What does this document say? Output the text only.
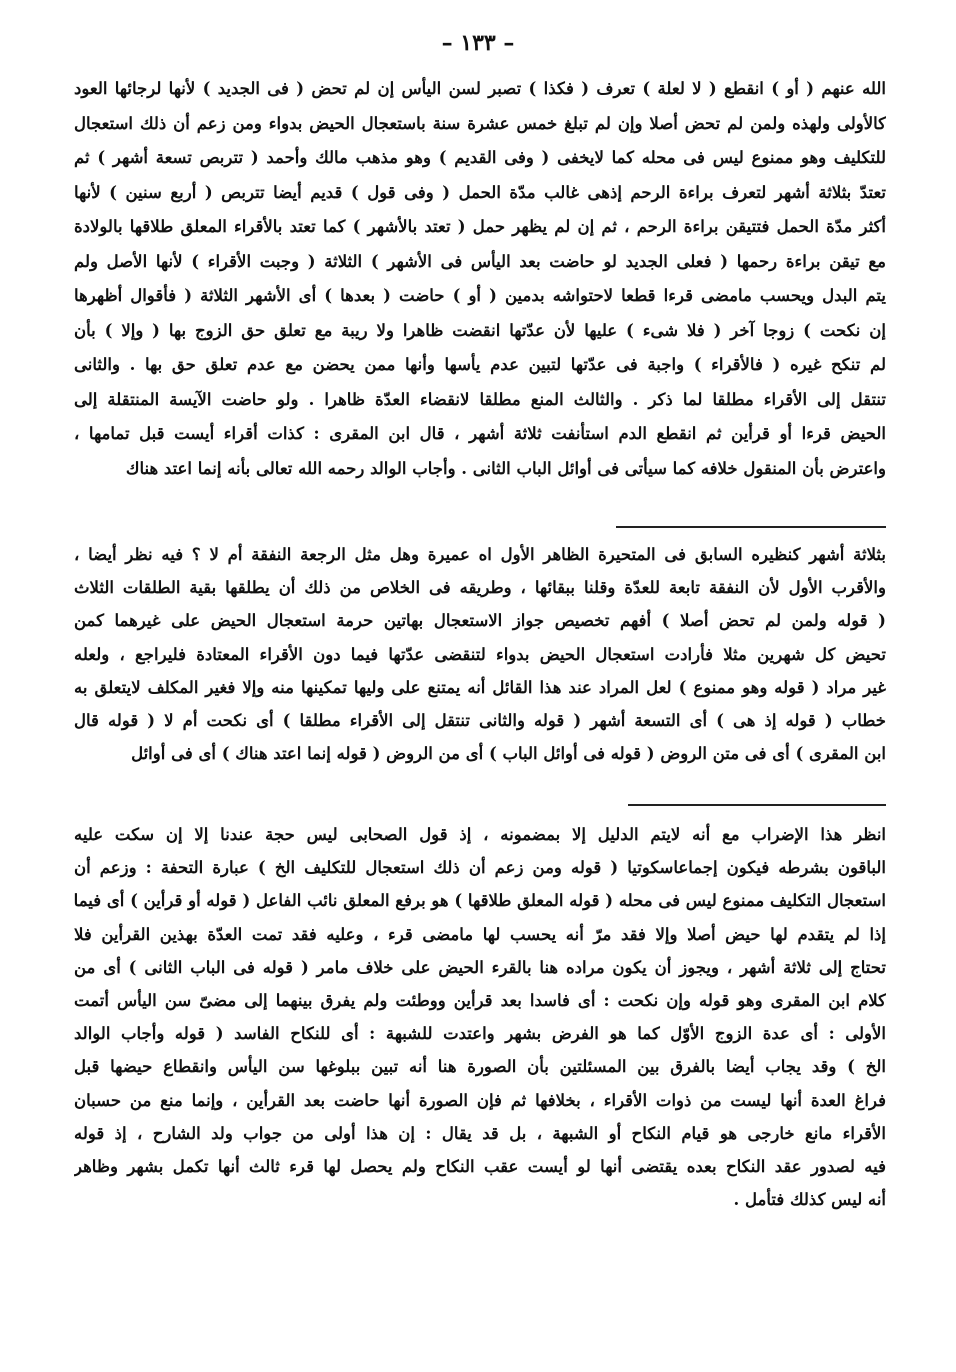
– ١٣٣ –
الله عنهم ( أو ) انقطع ( لا لعلة ) تعرف ( فكذا ) تصبر لسن اليأس إن لم تحض ( فى الجديد ) لأنها لرجائها العود
كالأولى ولهذه ولمن لم تحض أصلا وإن لم تبلغ خمس عشرة سنة باستعجال الحيض بدواء ومن زعم أن ذلك استعجال
للتكليف وهو ممنوع ليس فى محله كما لايخفى ( وفى القديم ) وهو مذهب مالك وأحمد ( تتربص تسعة أشهر ) ثم
تعتدّ بثلاثة أشهر لتعرف براءة الرحم إذهى غالب مدّة الحمل ( وفى قول ) قديم أيضا تتربص ( أربع سنين ) لأنها
أكثر مدّة الحمل فتتيقن براءة الرحم ، ثم إن لم يظهر حمل ( تعتد بالأشهر ) كما تعتد بالأقراء المعلق طلاقها بالولادة
مع تيقن براءة رحمها ( فعلى الجديد لو حاضت بعد اليأس فى الأشهر ) الثلاثة ( وجبت الأقراء ) لأنها الأصل ولم
يتم البدل ويحسب مامضى قرءا قطعا لاحتواشه بدمين ( أو ) حاضت ( بعدها ) أى الأشهر الثلاثة ( فأقوال أظهرها
إن نكحت ) زوجا آخر ( فلا شىء ) عليها لأن عدّتها انقضت ظاهرا ولا ريبة مع تعلق حق الزوج بها ( وإلا ) بأن
لم تنكح غيره ( فالأقراء ) واجبة فى عدّتها لتبين عدم يأسها وأنها ممن يحضن مع عدم تعلق حق بها . والثانى
تنتقل إلى الأقراء مطلقا لما ذكر . والثالث المنع مطلقا لانقضاء العدّة ظاهرا . ولو حاضت الآيسة المنتقلة إلى
الحيض قرءا أو قرأين ثم انقطع الدم استأنفت ثلاثة أشهر ، قال ابن المقرى : كذات أقراء أيست قبل تمامها ،
واعترض بأن المنقول خلافه كما سيأتى فى أوائل الباب الثانى . وأجاب الوالد رحمه الله تعالى بأنه إنما اعتد هناك
بثلاثة أشهر كنظيره السابق فى المتحيرة الظاهر الأول اه عميرة وهل مثل الرجعة النفقة أم لا ؟ فيه نظر أيضا ،
والأقرب الأول لأن النفقة تابعة للعدّة وقلنا ببقائها ، وطريقه فى الخلاص من ذلك أن يطلقها بقية الطلقات الثلاث
( قوله ولمن لم تحض أصلا ) أفهم تخصيص جواز الاستعجال بهاتين حرمة استعجال الحيض على غيرهما كمن
تحيض كل شهرين مثلا فأرادت استعجال الحيض بدواء لتنقضى عدّتها فيما دون الأقراء المعتادة فليراجع ، ولعله
غير مراد ( قوله وهو ممنوع ) لعل المراد عند هذا القائل أنه يمتنع على وليها تمكينها منه وإلا فغير المكلف لايتعلق به
خطاب ( قوله إذ هى ) أى التسعة أشهر ( قوله والثانى تنتقل إلى الأقراء مطلقا ) أى نكحت أم لا ( قوله قال
ابن المقرى ) أى فى متن الروض ( قوله فى أوائل الباب ) أى من الروض ( قوله إنما اعتد هناك ) أى فى أوائل
انظر هذا الإضراب مع أنه لايتم الدليل إلا بمضمونه ، إذ قول الصحابى ليس حجة عندنا إلا إن سكت عليه
الباقون بشرطه فيكون إجماعاسكوتيا ( قوله ومن زعم أن ذلك استعجال للتكليف الخ ) عبارة التحفة : وزعم أن
استعجال التكليف ممنوع ليس فى محله ( قوله المعلق طلاقها ) هو برفع المعلق نائب الفاعل ( قوله أو قرأين ) أى فيما
إذا لم يتقدم لها حيض أصلا وإلا فقد مرّ أنه يحسب لها مامضى قرء ، وعليه فقد تمت العدّة بهذين القرأين فلا
تحتاج إلى ثلاثة أشهر ، ويجوز أن يكون مراده هنا بالقرء الحيض على خلاف مامر ( قوله فى الباب الثانى ) أى من
كلام ابن المقرى وهو قوله وإن نكحت : أى فاسدا بعد قرأين ووطئت ولم يفرق بينهما إلى مضىّ سن اليأس أتمت
الأولى : أى عدة الزوج الأوّل كما هو الفرض بشهر واعتدت للشبهة : أى للنكاح الفاسد ( قوله وأجاب الوالد
الخ ) وقد يجاب أيضا بالفرق بين المسئلتين بأن الصورة هنا أنه تبين ببلوغها سن اليأس وانقطاع حيضها قبل
فراغ العدة أنها ليست من ذوات الأقراء ، بخلافها ثم فإن الصورة أنها حاضت بعد القرأين ، وإنما منع من حسبان
الأقراء مانع خارجى هو قيام النكاح أو الشبهة ، بل قد يقال : إن هذا أولى من جواب ولد الشارح ، إذ قوله
فيه لصدور عقد النكاح بعده يقتضى أنها لو أيست عقب النكاح ولم يحصل لها قرء ثالث أنها تكمل بشهر وظاهر
أنه ليس كذلك فتأمل .
